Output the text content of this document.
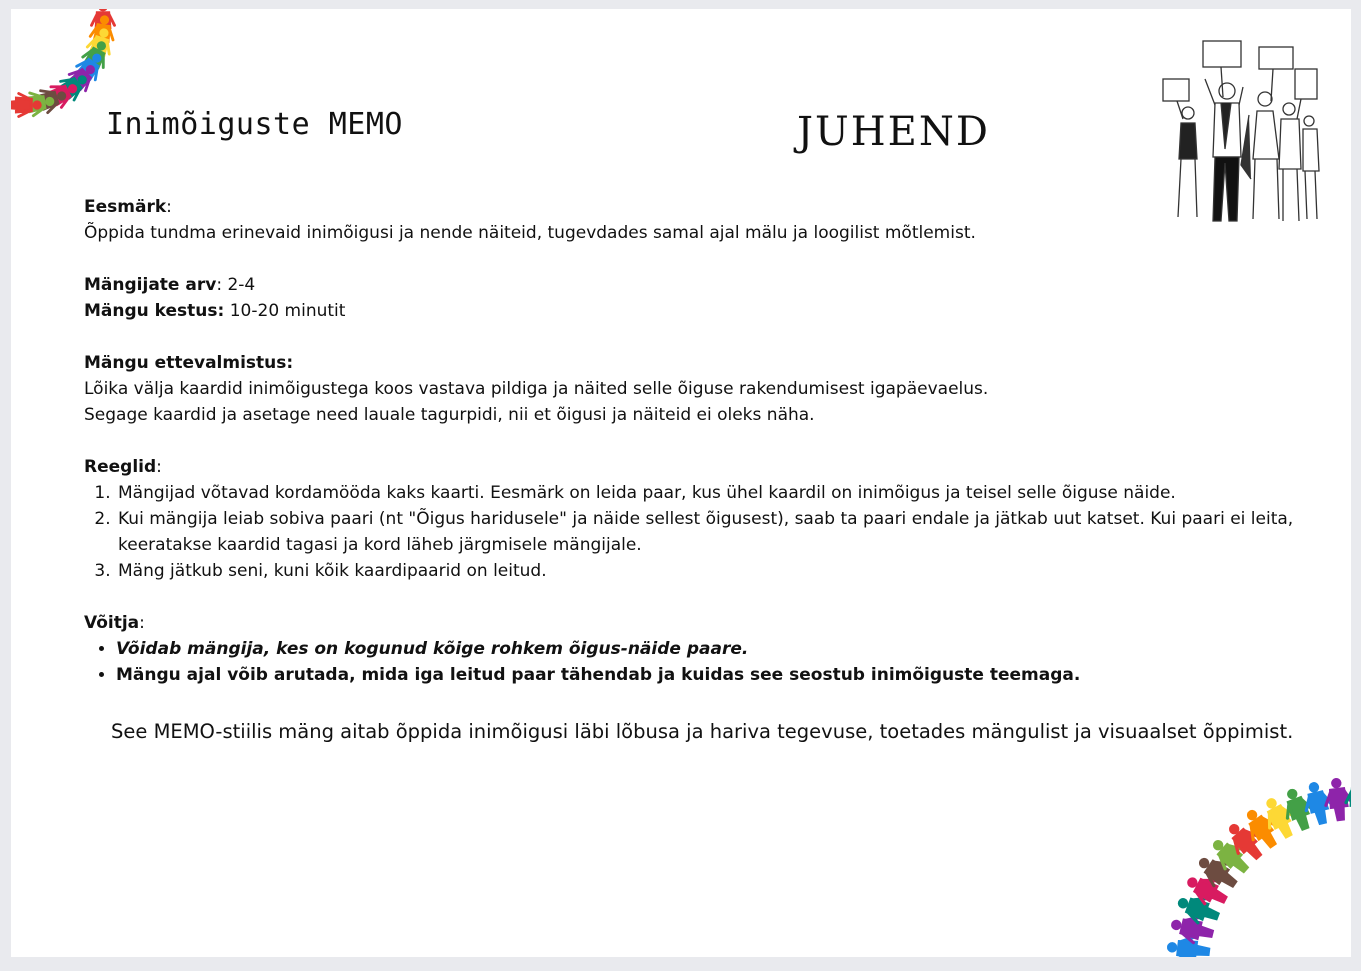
Inimõiguste MEMO	JUHEND

Eesmärk:

Õppida tundma erinevaid inimõigusi ja nende näiteid, tugevdades samal ajal mälu ja loogilist mõtlemist.

Mängijate arv: 2-4

Mängu kestus: 10-20 minutit

Mängu ettevalmistus:

Lõika välja kaardid inimõigustega koos vastava pildiga ja näited selle õiguse rakendumisest igapäevaelus.

Segage kaardid ja asetage need lauale tagurpidi, nii et õigusi ja näiteid ei oleks näha.

Reeglid:

1. Mängijad võtavad kordamööda kaks kaarti. Eesmärk on leida paar, kus ühel kaardil on inimõigus ja teisel selle õiguse näide.
2. Kui mängija leiab sobiva paari (nt "Õigus haridusele" ja näide sellest õigusest), saab ta paari endale ja jätkab uut katset. Kui paari ei leita, keeratakse kaardid tagasi ja kord läheb järgmisele mängijale.
3. Mäng jätkub seni, kuni kõik kaardipaarid on leitud.

Võitja:

• Võidab mängija, kes on kogunud kõige rohkem õigus-näide paare.
• Mängu ajal võib arutada, mida iga leitud paar tähendab ja kuidas see seostub inimõiguste teemaga.
See MEMO-stiilis mäng aitab õppida inimõigusi läbi lõbusa ja hariva tegevuse, toetades mängulist ja visuaalset õppimist.
